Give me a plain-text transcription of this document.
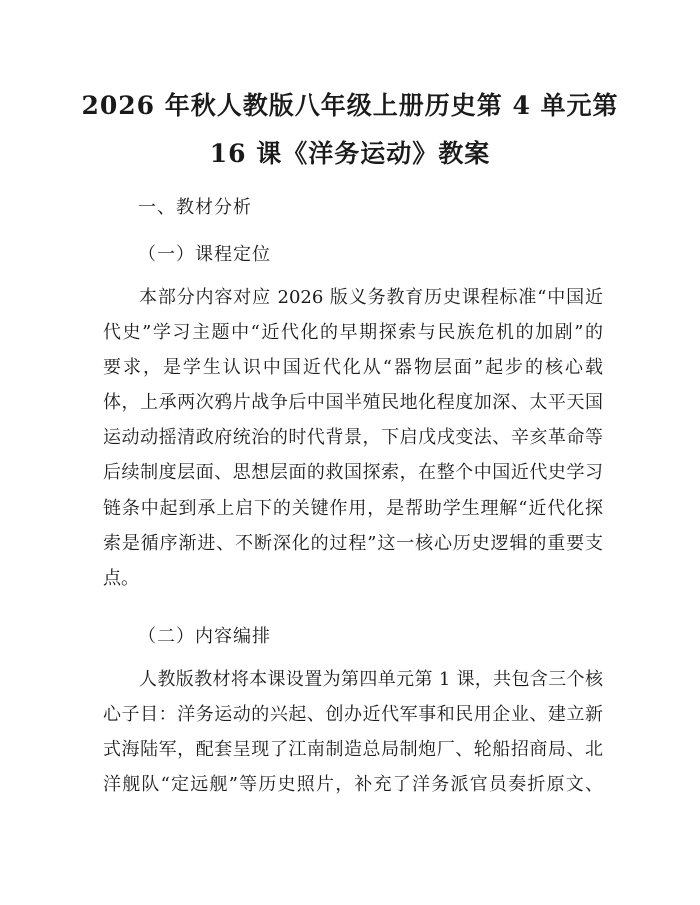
2026 年秋人教版八年级上册历史第 4 单元第
16 课《洋务运动》教案

一、教材分析

（一）课程定位

本部分内容对应 2026 版义务教育历史课程标准“中国近

代史”学习主题中“近代化的早期探索与民族危机的加剧”的

要求，是学生认识中国近代化从“器物层面”起步的核心载

体，上承两次鸦片战争后中国半殖民地化程度加深、太平天国

运动动摇清政府统治的时代背景，下启戊戌变法、辛亥革命等

后续制度层面、思想层面的救国探索，在整个中国近代史学习

链条中起到承上启下的关键作用，是帮助学生理解“近代化探

索是循序渐进、不断深化的过程”这一核心历史逻辑的重要支

点。

（二）内容编排

人教版教材将本课设置为第四单元第 1 课，共包含三个核

心子目：洋务运动的兴起、创办近代军事和民用企业、建立新

式海陆军，配套呈现了江南制造总局制炮厂、轮船招商局、北

洋舰队“定远舰”等历史照片，补充了洋务派官员奏折原文、
